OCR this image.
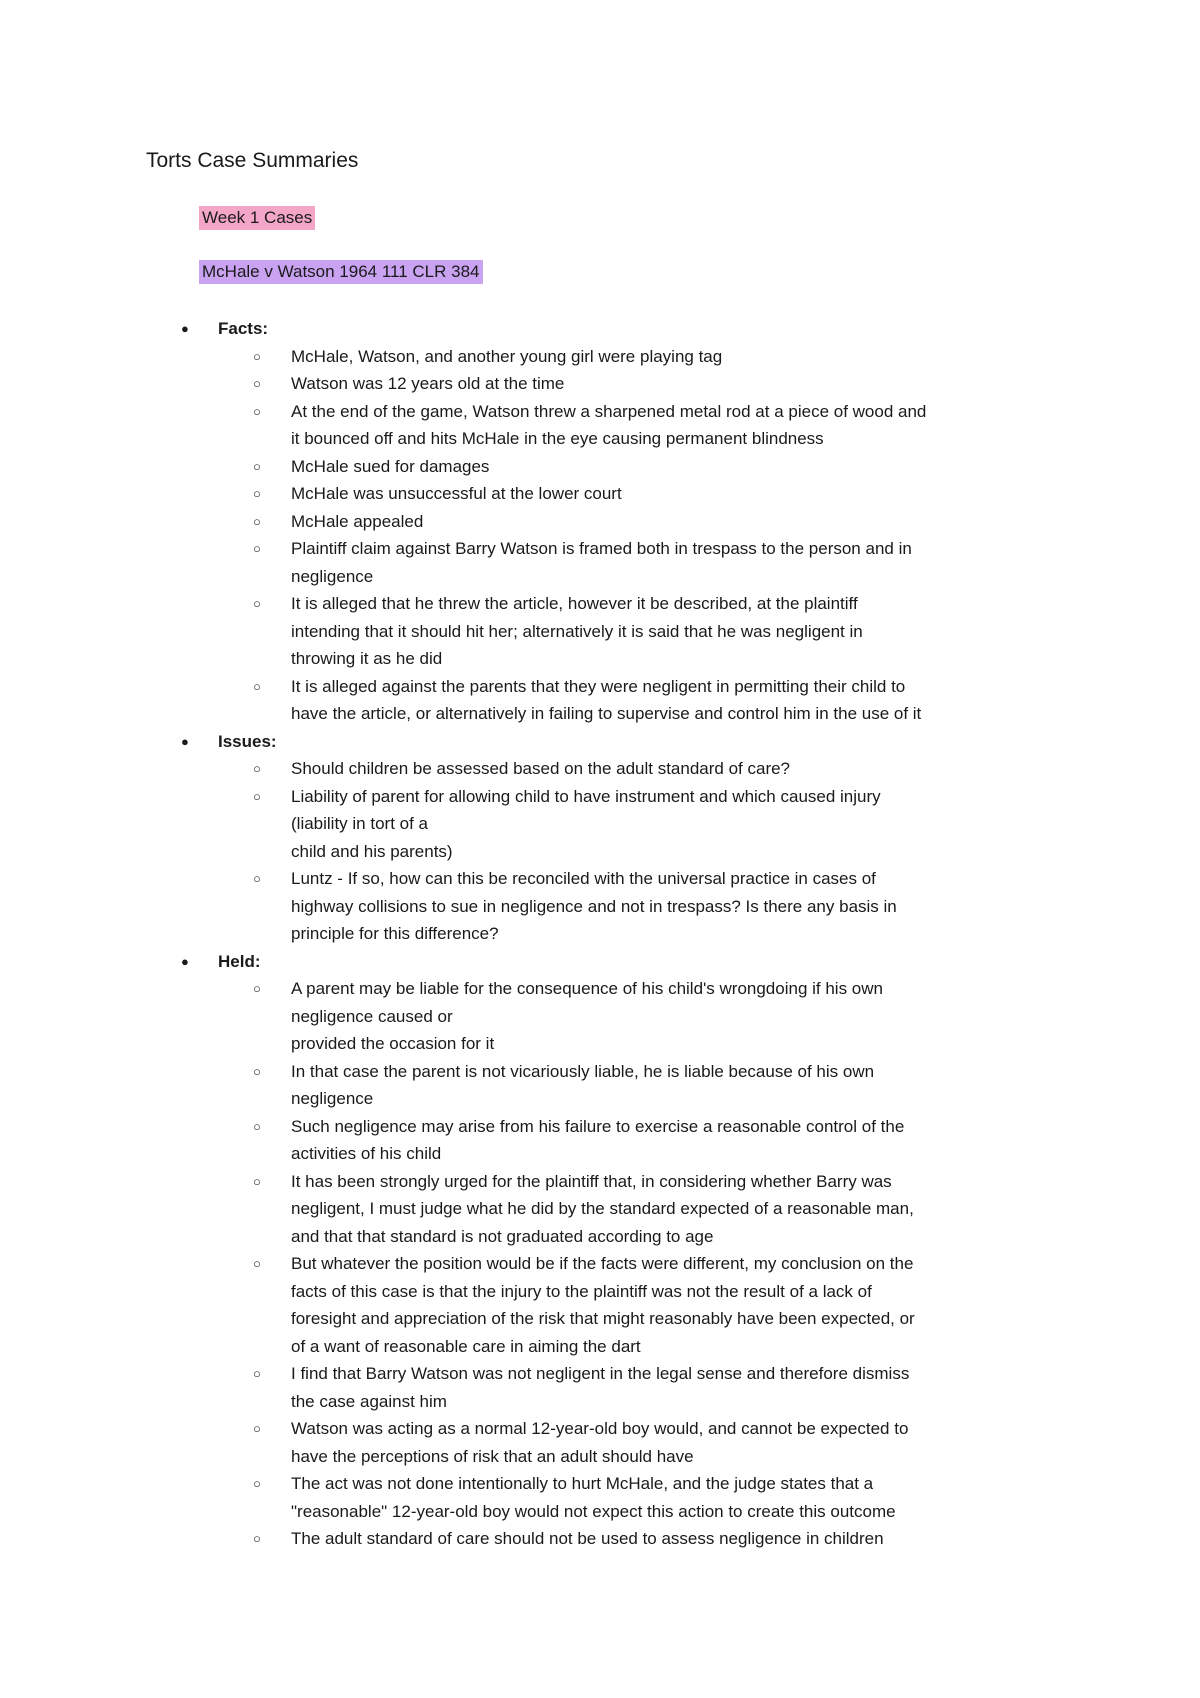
Torts Case Summaries
Week 1 Cases
McHale v Watson 1964 111 CLR 384
● Facts:
○ McHale, Watson, and another young girl were playing tag
○ Watson was 12 years old at the time
○ At the end of the game, Watson threw a sharpened metal rod at a piece of wood and
it bounced off and hits McHale in the eye causing permanent blindness
○ McHale sued for damages
○ McHale was unsuccessful at the lower court
○ McHale appealed
○ Plaintiff claim against Barry Watson is framed both in trespass to the person and in
negligence
○ It is alleged that he threw the article, however it be described, at the plaintiff
intending that it should hit her; alternatively it is said that he was negligent in
throwing it as he did
○ It is alleged against the parents that they were negligent in permitting their child to
have the article, or alternatively in failing to supervise and control him in the use of it
● Issues:
○ Should children be assessed based on the adult standard of care?
○ Liability of parent for allowing child to have instrument and which caused injury
(liability in tort of a
child and his parents)
○ Luntz - If so, how can this be reconciled with the universal practice in cases of
highway collisions to sue in negligence and not in trespass? Is there any basis in
principle for this difference?
● Held:
○ A parent may be liable for the consequence of his child's wrongdoing if his own
negligence caused or
provided the occasion for it
○ In that case the parent is not vicariously liable, he is liable because of his own
negligence
○ Such negligence may arise from his failure to exercise a reasonable control of the
activities of his child
○ It has been strongly urged for the plaintiff that, in considering whether Barry was
negligent, I must judge what he did by the standard expected of a reasonable man,
and that that standard is not graduated according to age
○ But whatever the position would be if the facts were different, my conclusion on the
facts of this case is that the injury to the plaintiff was not the result of a lack of
foresight and appreciation of the risk that might reasonably have been expected, or
of a want of reasonable care in aiming the dart
○ I find that Barry Watson was not negligent in the legal sense and therefore dismiss
the case against him
○ Watson was acting as a normal 12-year-old boy would, and cannot be expected to
have the perceptions of risk that an adult should have
○ The act was not done intentionally to hurt McHale, and the judge states that a
"reasonable" 12-year-old boy would not expect this action to create this outcome
○ The adult standard of care should not be used to assess negligence in children
